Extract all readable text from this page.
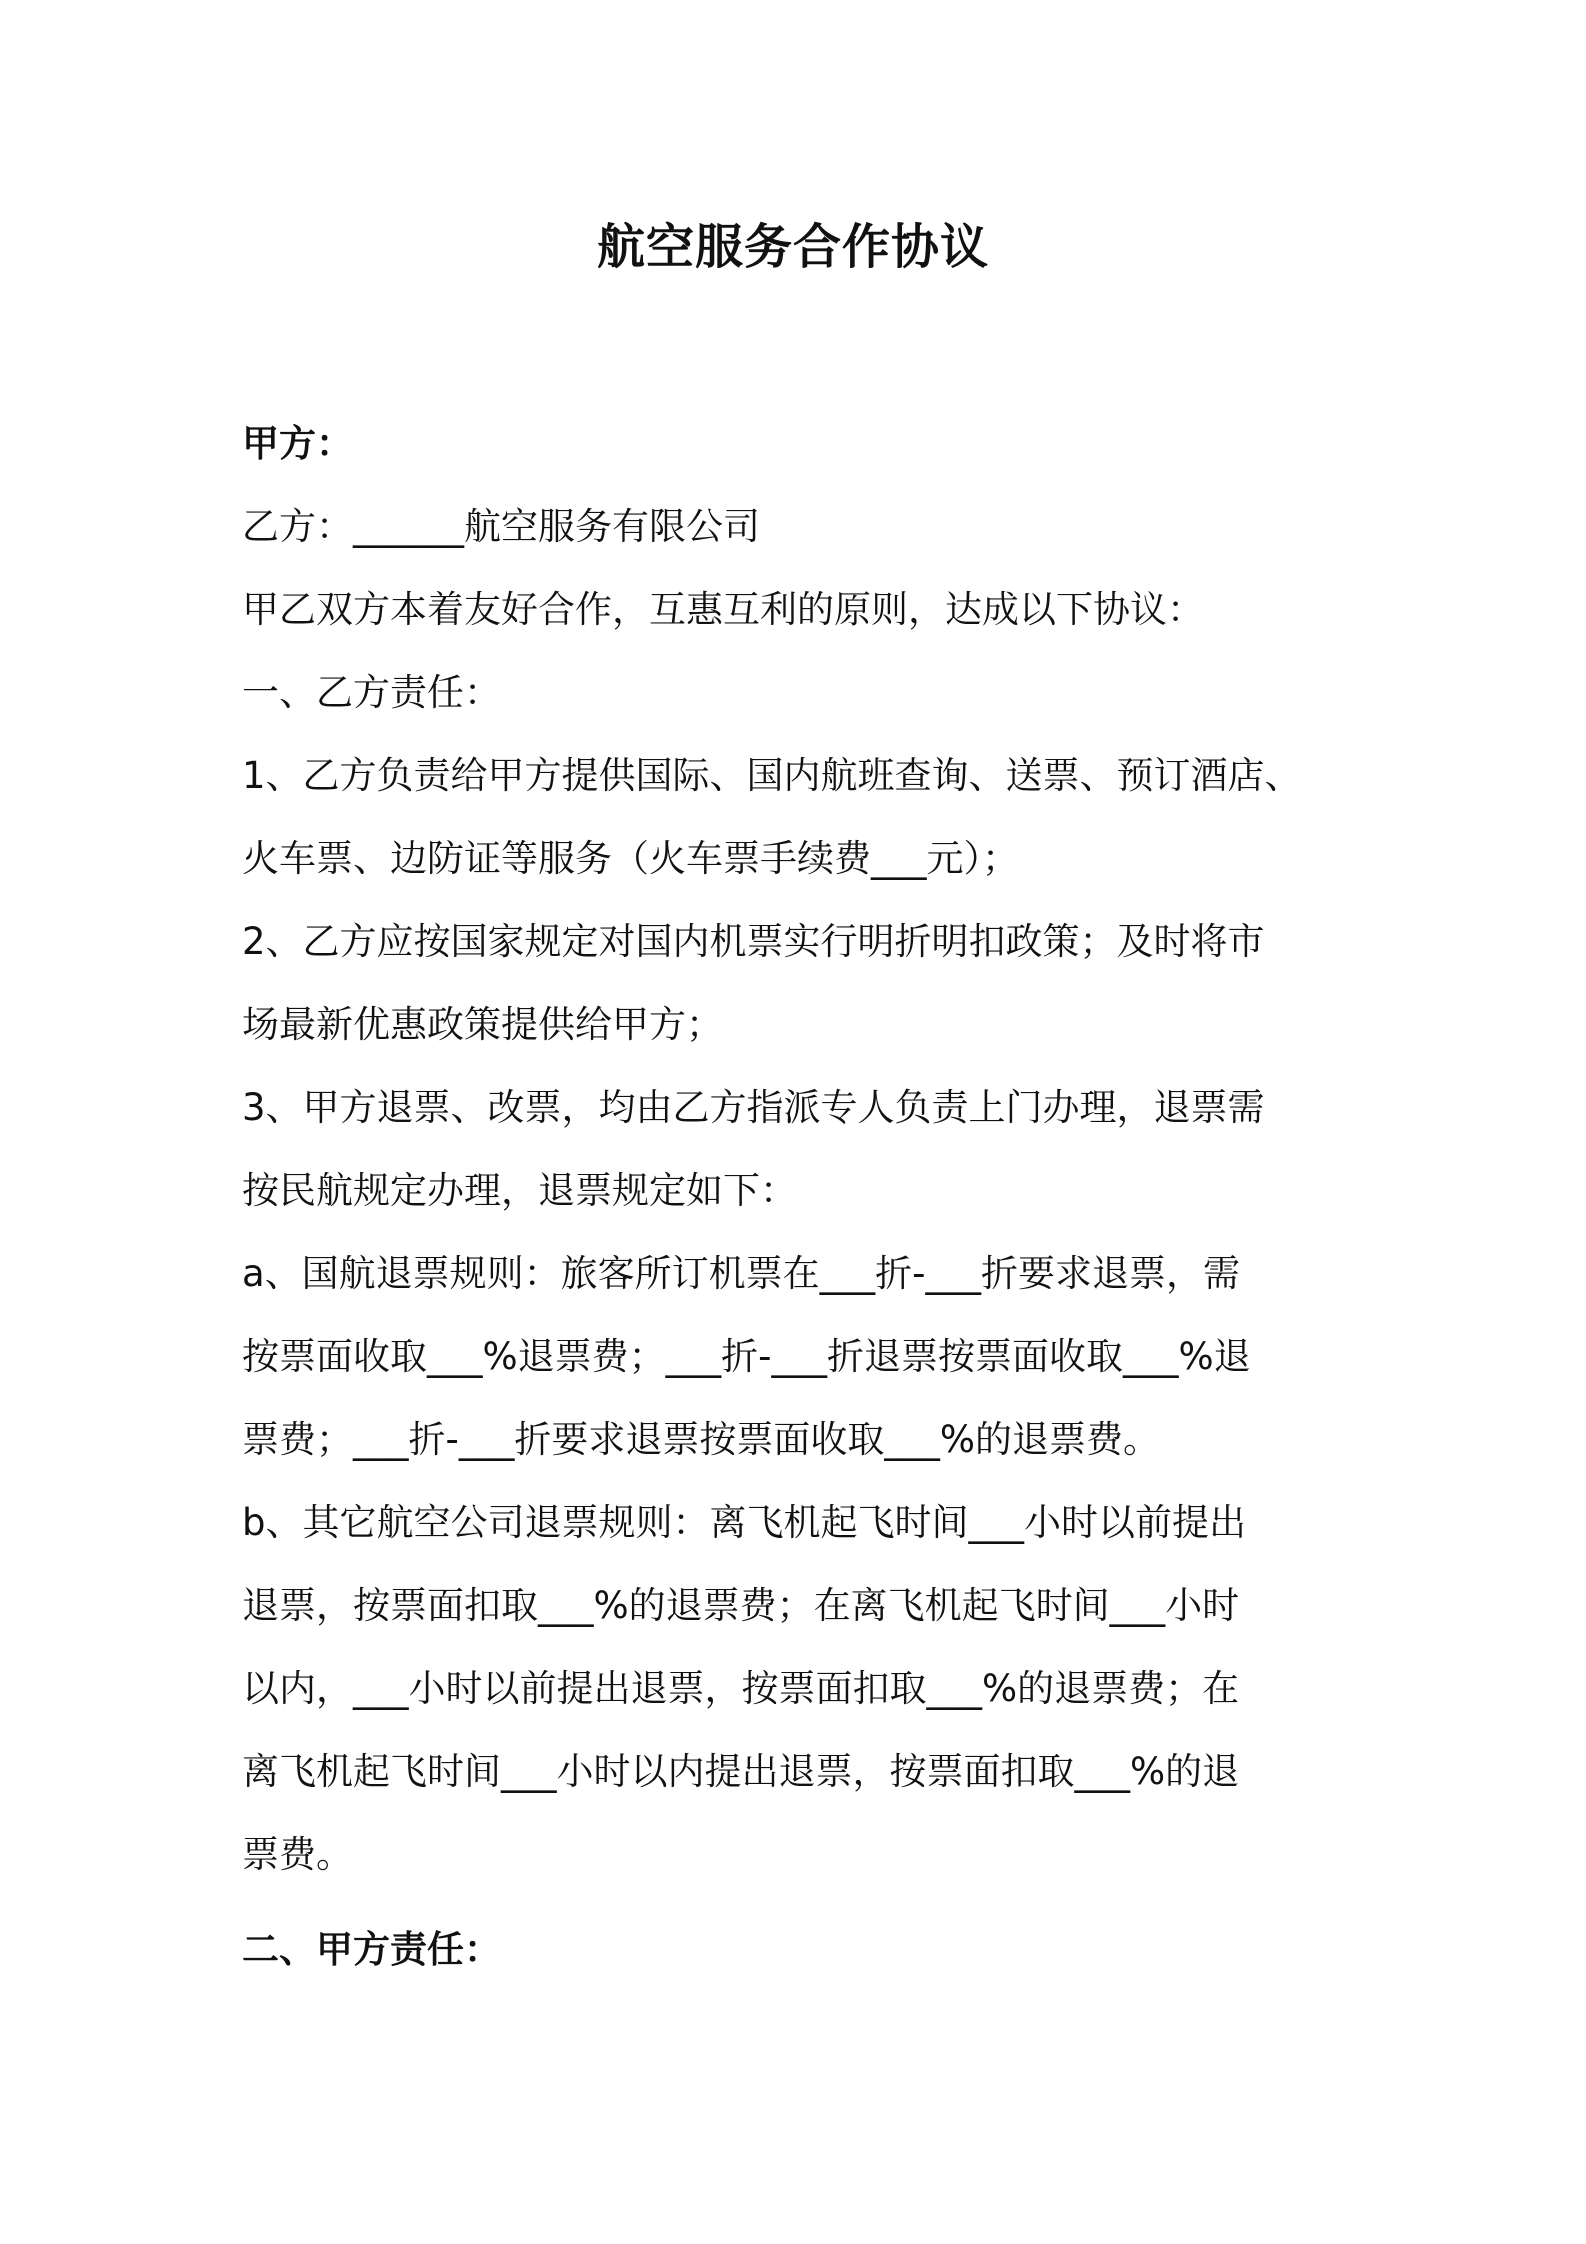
航空服务合作协议
甲方：
乙方：______航空服务有限公司
甲乙双方本着友好合作，互惠互利的原则，达成以下协议：
一、乙方责任：
1、乙方负责给甲方提供国际、国内航班查询、送票、预订酒店、
火车票、边防证等服务（火车票手续费___元）；
2、乙方应按国家规定对国内机票实行明折明扣政策；及时将市
场最新优惠政策提供给甲方；
3、甲方退票、改票，均由乙方指派专人负责上门办理，退票需
按民航规定办理，退票规定如下：
a、国航退票规则：旅客所订机票在___折-___折要求退票，需
按票面收取___%退票费；___折-___折退票按票面收取___%退
票费；___折-___折要求退票按票面收取___%的退票费。
b、其它航空公司退票规则：离飞机起飞时间___小时以前提出
退票，按票面扣取___%的退票费；在离飞机起飞时间___小时
以内，___小时以前提出退票，按票面扣取___%的退票费；在
离飞机起飞时间___小时以内提出退票，按票面扣取___%的退
票费。
二、甲方责任：
